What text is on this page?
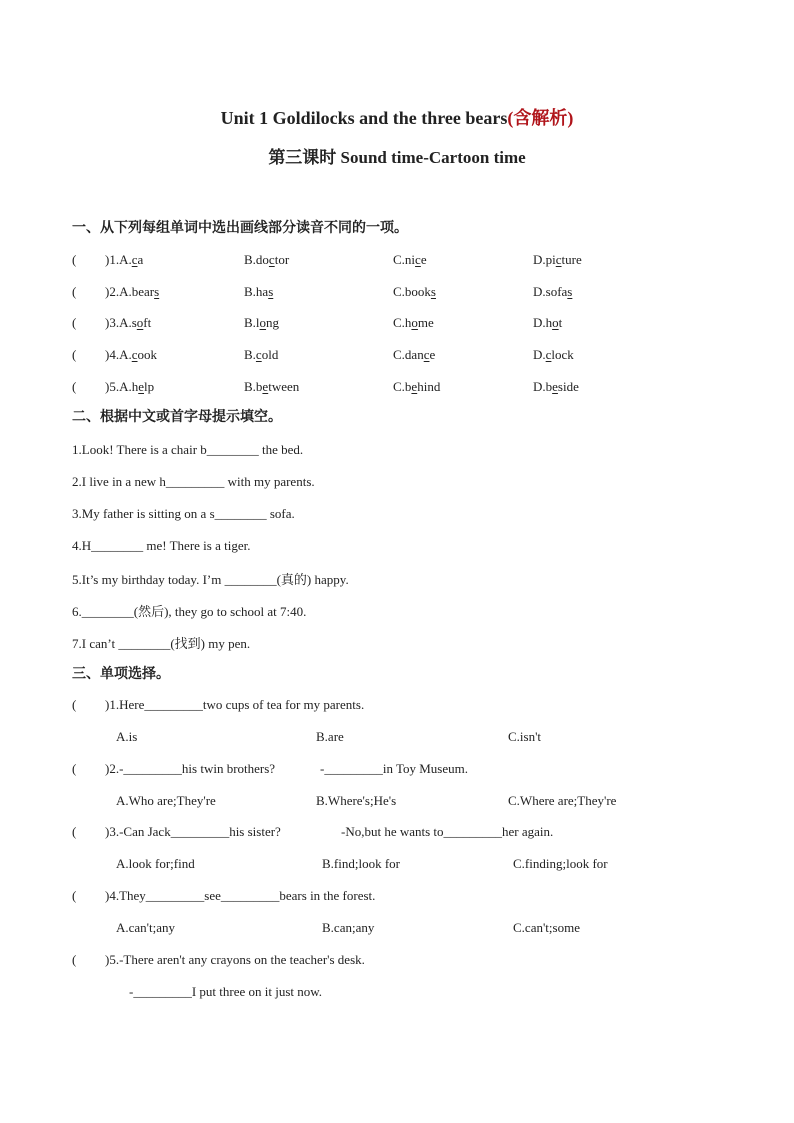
Unit 1 Goldilocks and the three bears(含解析)
第三课时 Sound time-Cartoon time
一、从下列每组单词中选出画线部分读音不同的一项。
( )1.A.ca	B.doctor	C.nice	D.picture
( )2.A.bears	B.has	C.books	D.sofas
( )3.A.soft	B.long	C.home	D.hot
( )4.A.cook	B.cold	C.dance	D.clock
( )5.A.help	B.between	C.behind	D.beside
二、根据中文或首字母提示填空。
1.Look! There is a chair b________ the bed.
2.I live in a new h_________ with my parents.
3.My father is sitting on a s________ sofa.
4.H________ me! There is a tiger.
5.It’s my birthday today. I’m ________(真的) happy.
6.________(然后), they go to school at 7:40.
7.I can’t ________(找到) my pen.
三、单项选择。
( )1.Here_________two cups of tea for my parents.
A.is	B.are	C.isn't
( )2.-_________his twin brothers?	-_________in Toy Museum.
A.Who are;They're	B.Where's;He's	C.Where are;They're
( )3.-Can Jack_________his sister?	-No,but he wants to_________her again.
A.look for;find	B.find;look for	C.finding;look for
( )4.They_________see_________bears in the forest.
A.can't;any	B.can;any	C.can't;some
( )5.-There aren't any crayons on the teacher's desk.
-_________I put three on it just now.
